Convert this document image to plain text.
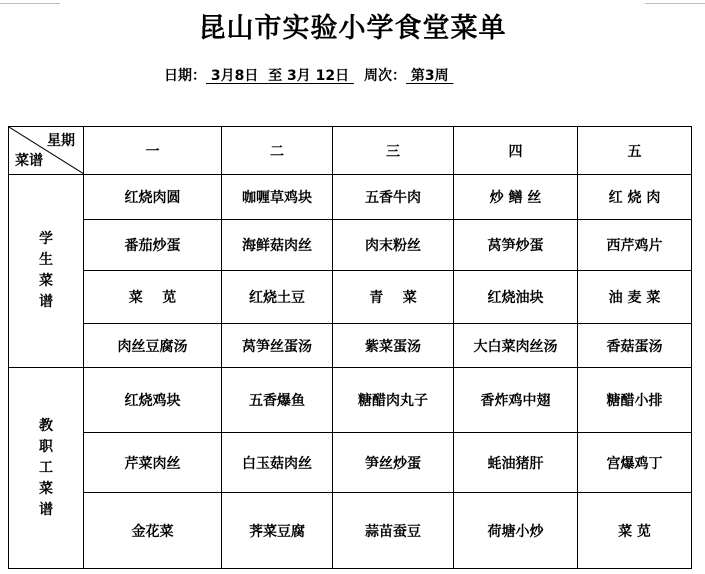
昆山市实验小学食堂菜单
日期： 3月8日  至 3月 12日 周次： 第3周
星期
菜谱	一	二	三	四	五

学
生
菜
谱	红烧肉圆	咖喱草鸡块	五香牛肉	炒 鳝 丝	红 烧 肉
	番茄炒蛋	海鲜菇肉丝	肉末粉丝	莴笋炒蛋	西芹鸡片
	菜    苋	红烧土豆	青    菜	红烧油块	油 麦 菜
	肉丝豆腐汤	莴笋丝蛋汤	紫菜蛋汤	大白菜肉丝汤	香菇蛋汤

教
职
工
菜
谱	红烧鸡块	五香爆鱼	糖醋肉丸子	香炸鸡中翅	糖醋小排
	芹菜肉丝	白玉菇肉丝	笋丝炒蛋	蚝油猪肝	宫爆鸡丁
	金花菜	荠菜豆腐	蒜苗蚕豆	荷塘小炒	菜 苋
